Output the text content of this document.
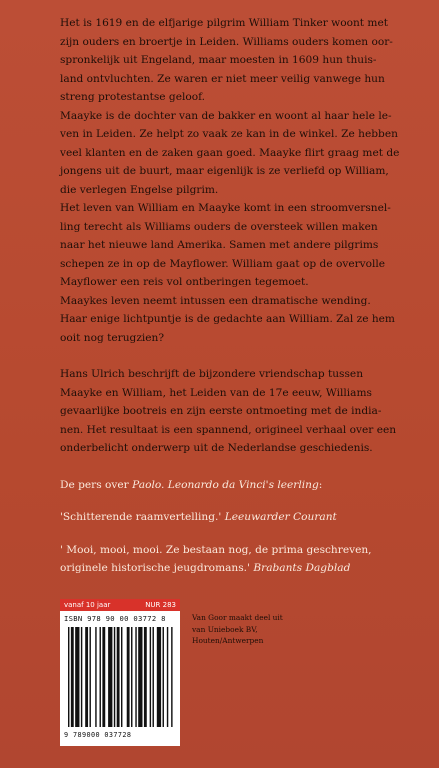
Het is 1619 en de elfjarige pilgrim William Tinker woont met

zijn ouders en broertje in Leiden. Williams ouders komen oor-

spronkelijk uit Engeland, maar moesten in 1609 hun thuis-

land ontvluchten. Ze waren er niet meer veilig vanwege hun

streng protestantse geloof.

Maayke is de dochter van de bakker en woont al haar hele le-

ven in Leiden. Ze helpt zo vaak ze kan in de winkel. Ze hebben

veel klanten en de zaken gaan goed. Maayke flirt graag met de

jongens uit de buurt, maar eigenlijk is ze verliefd op William,

die verlegen Engelse pilgrim.

Het leven van William en Maayke komt in een stroomversnel-

ling terecht als Williams ouders de oversteek willen maken

naar het nieuwe land Amerika. Samen met andere pilgrims

schepen ze in op de Mayflower. William gaat op de overvolle

Mayflower een reis vol ontberingen tegemoet.

Maaykes leven neemt intussen een dramatische wending.

Haar enige lichtpuntje is de gedachte aan William. Zal ze hem

ooit nog terugzien?

Hans Ulrich beschrijft de bijzondere vriendschap tussen

Maayke en William, het Leiden van de 17e eeuw, Williams

gevaarlijke bootreis en zijn eerste ontmoeting met de india-

nen. Het resultaat is een spannend, origineel verhaal over een

onderbelicht onderwerp uit de Nederlandse geschiedenis.

De pers over Paolo. Leonardo da Vinci's leerling:

'Schitterende raamvertelling.' Leeuwarder Courant

' Mooi, mooi, mooi. Ze bestaan nog, de prima geschreven,

originele historische jeugdromans.' Brabants Dagblad

vanaf 10 jaar	NUR 283
ISBN 978 90 00 03772 8
9 789000 037728

Van Goor maakt deel uit

van Unieboek BV,

Houten/Antwerpen
